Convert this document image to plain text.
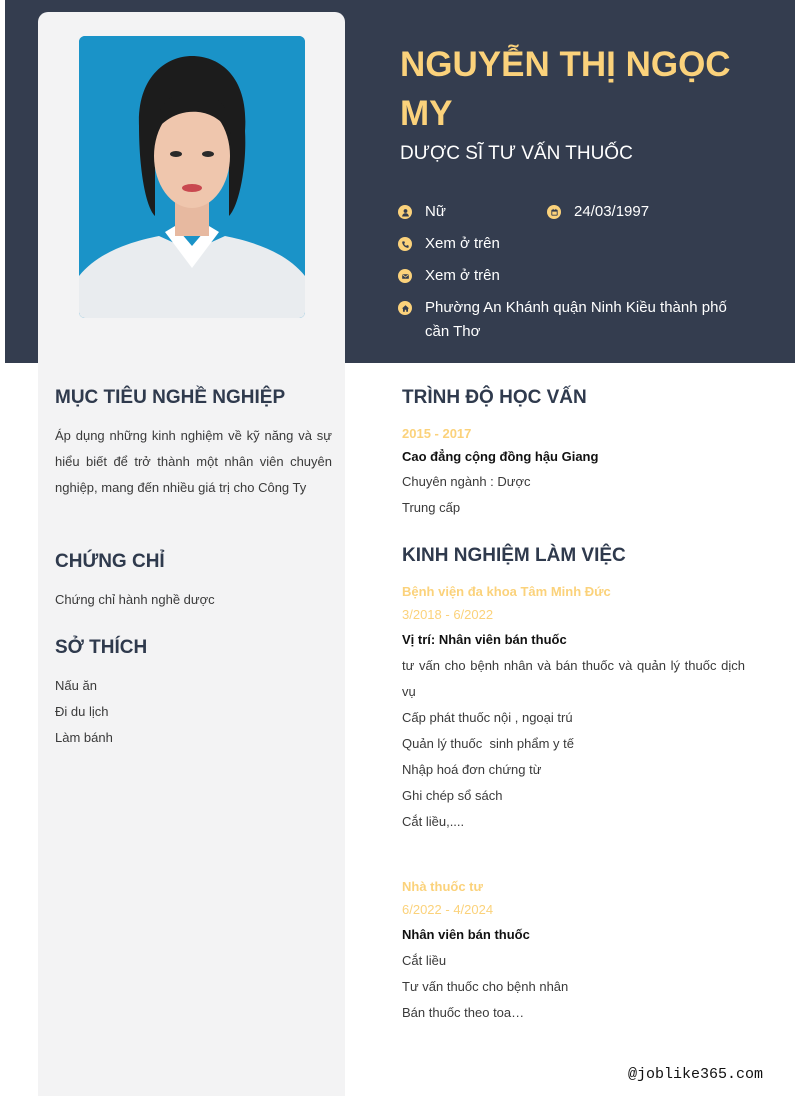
NGUYỄN THỊ NGỌC MY
DƯỢC SĨ TƯ VẤN THUỐC
Nữ	24/03/1997
Xem ở trên
Xem ở trên
Phường An Khánh quận Ninh Kiều thành phố cần Thơ
MỤC TIÊU NGHỀ NGHIỆP
Áp dụng những kinh nghiệm về kỹ năng và sự hiểu biết để trở thành một nhân viên chuyên nghiệp, mang đến nhiều giá trị cho Công Ty
CHỨNG CHỈ
Chứng chỉ hành nghề dược
SỞ THÍCH
Nấu ăn
Đi du lịch
Làm bánh
TRÌNH ĐỘ HỌC VẤN
2015 - 2017
Cao đẳng cộng đồng hậu Giang
Chuyên ngành : Dược
Trung cấp
KINH NGHIỆM LÀM VIỆC
Bệnh viện đa khoa Tâm Minh Đức
3/2018 - 6/2022
Vị trí: Nhân viên bán thuốc
tư vấn cho bệnh nhân và bán thuốc và quản lý thuốc dịch vụ
Cấp phát thuốc nội , ngoại trú
Quản lý thuốc  sinh phẩm y tế
Nhập hoá đơn chứng từ
Ghi chép sổ sách
Cắt liều,....
Nhà thuốc tư
6/2022 - 4/2024
Nhân viên bán thuốc
Cắt liều
Tư vấn thuốc cho bệnh nhân
Bán thuốc theo toa…
@joblike365.com
